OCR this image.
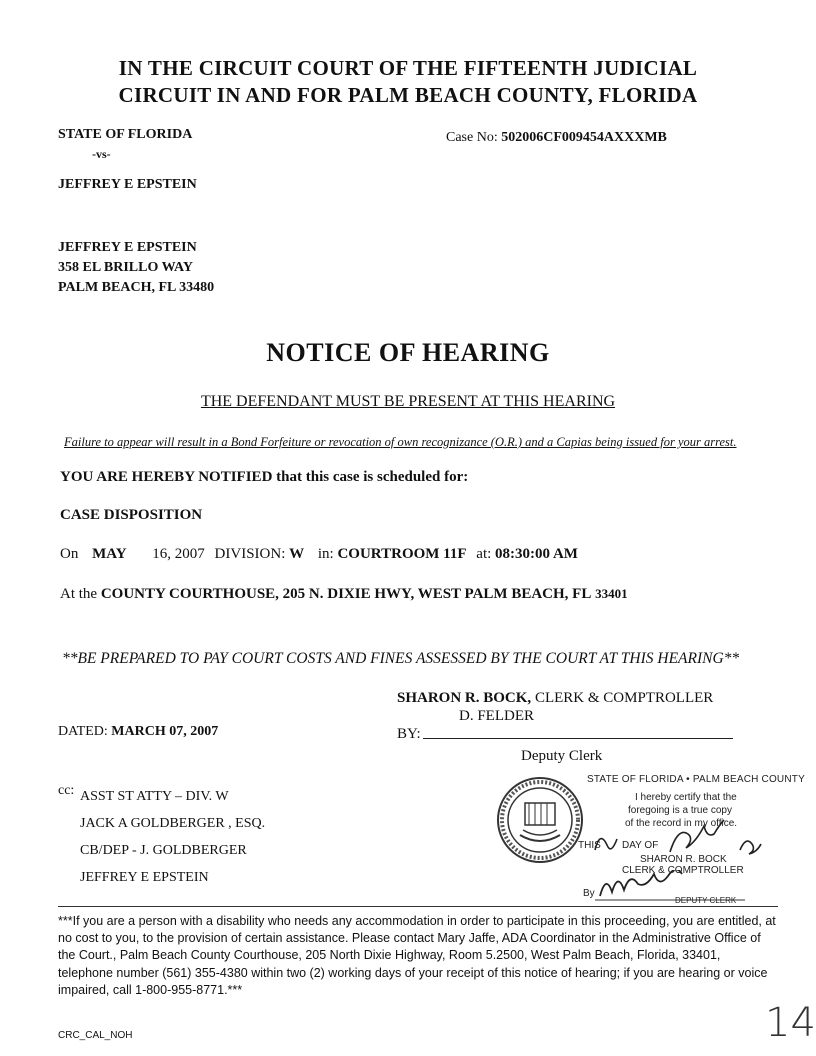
IN THE CIRCUIT COURT OF THE FIFTEENTH JUDICIAL
CIRCUIT IN AND FOR PALM BEACH COUNTY, FLORIDA
STATE OF FLORIDA
-vs-
JEFFREY E EPSTEIN
Case No: 502006CF009454AXXXMB
JEFFREY E EPSTEIN
358 EL BRILLO WAY
PALM BEACH, FL 33480
NOTICE OF HEARING
THE DEFENDANT MUST BE PRESENT AT THIS HEARING
Failure to appear will result in a Bond Forfeiture or revocation of own recognizance (O.R.) and a Capias being issued for your arrest.
YOU ARE HEREBY NOTIFIED that this case is scheduled for:
CASE DISPOSITION
On MAY 16, 2007 DIVISION: W in: COURTROOM 11F at: 08:30:00 AM
At the COUNTY COURTHOUSE, 205 N. DIXIE HWY, WEST PALM BEACH, FL 33401
**BE PREPARED TO PAY COURT COSTS AND FINES ASSESSED BY THE COURT AT THIS HEARING**
SHARON R. BOCK, CLERK & COMPTROLLER
D. FELDER
BY:
Deputy Clerk
DATED: MARCH 07, 2007
cc: ASST ST ATTY – DIV. W
JACK A GOLDBERGER , ESQ.
CB/DEP - J. GOLDBERGER
JEFFREY E EPSTEIN
STATE OF FLORIDA • PALM BEACH COUNTY
I hereby certify that the
foregoing is a true copy
of the record in my office.
THIS DAY OF
SHARON R. BOCK
CLERK & COMPTROLLER
By
DEPUTY CLERK
***If you are a person with a disability who needs any accommodation in order to participate in this proceeding, you are entitled, at no cost to you, to the provision of certain assistance. Please contact Mary Jaffe, ADA Coordinator in the Administrative Office of the Court., Palm Beach County Courthouse, 205 North Dixie Highway, Room 5.2500, West Palm Beach, Florida, 33401, telephone number (561) 355-4380 within two (2) working days of your receipt of this notice of hearing; if you are hearing or voice impaired, call 1-800-955-8771.***
CRC_CAL_NOH	14
